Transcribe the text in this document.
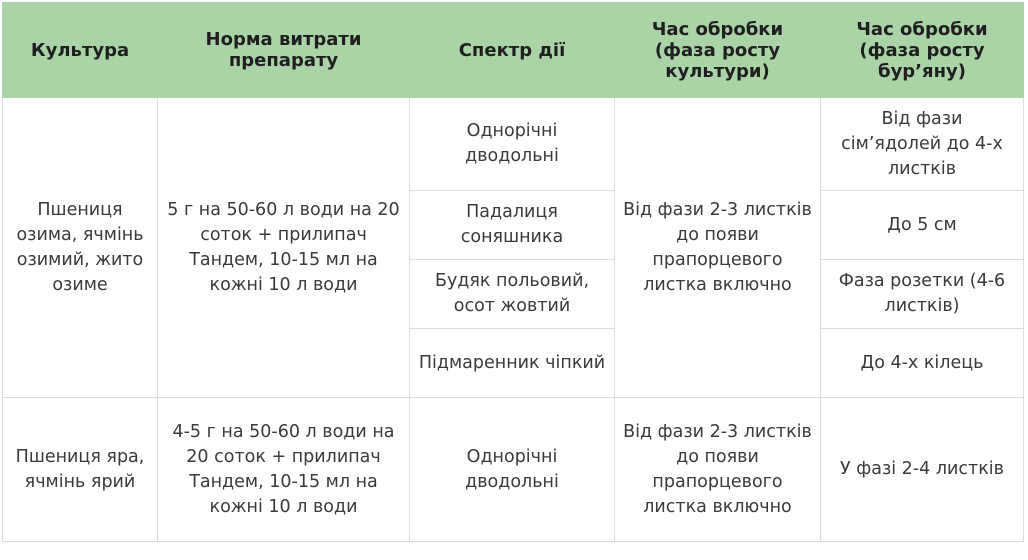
Культура	Норма витрати препарату	Спектр дії	Час обробки (фаза росту культури)	Час обробки (фаза росту бур’яну)
Пшениця озима, ячмінь озимий, жито озиме	5 г на 50-60 л води на 20 соток + прилипач Тандем, 10-15 мл на кожні 10 л води	Однорічні дводольні	Від фази 2-3 листків до появи прапорцевого листка включно	Від фази сім’ядолей до 4-х листків
		Падалиця соняшника		До 5 см
		Будяк польовий, осот жовтий		Фаза розетки (4-6 листків)
		Підмаренник чіпкий		До 4-х кілець
Пшениця яра, ячмінь ярий	4-5 г на 50-60 л води на 20 соток + прилипач Тандем, 10-15 мл на кожні 10 л води	Однорічні дводольні	Від фази 2-3 листків до появи прапорцевого листка включно	У фазі 2-4 листків
